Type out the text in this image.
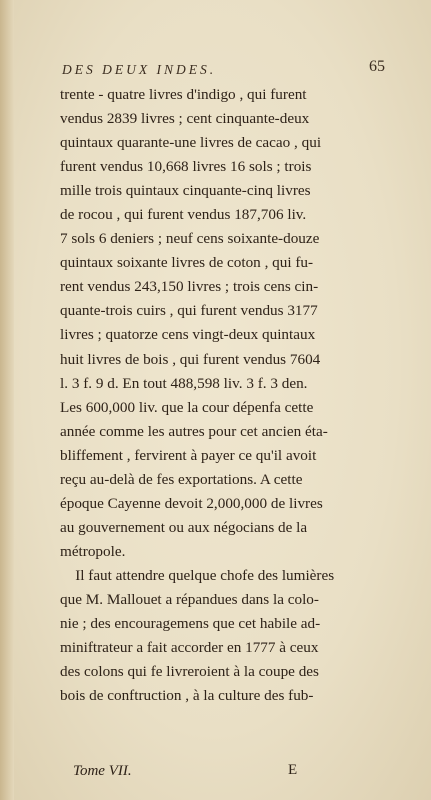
DES DEUX INDES.	65
trente - quatre livres d'indigo , qui furent
vendus 2839 livres ; cent cinquante-deux
quintaux quarante-une livres de cacao , qui
furent vendus 10,668 livres 16 sols ; trois
mille trois quintaux cinquante-cinq livres
de rocou , qui furent vendus 187,706 liv.
7 sols 6 deniers ; neuf cens soixante-douze
quintaux soixante livres de coton , qui fu-
rent vendus 243,150 livres ; trois cens cin-
quante-trois cuirs , qui furent vendus 3177
livres ; quatorze cens vingt-deux quintaux
huit livres de bois , qui furent vendus 7604
l. 3 f. 9 d. En tout 488,598 liv. 3 f. 3 den.
Les 600,000 liv. que la cour dépenfa cette
année comme les autres pour cet ancien éta-
bliffement , fervirent à payer ce qu'il avoit
reçu au-delà de fes exportations. A cette
époque Cayenne devoit 2,000,000 de livres
au gouvernement ou aux négocians de la
métropole.
Il faut attendre quelque chofe des lumières
que M. Mallouet a répandues dans la colo-
nie ; des encouragemens que cet habile ad-
miniftrateur a fait accorder en 1777 à ceux
des colons qui fe livreroient à la coupe des
bois de conftruction , à la culture des fub-
Tome VII.	E
